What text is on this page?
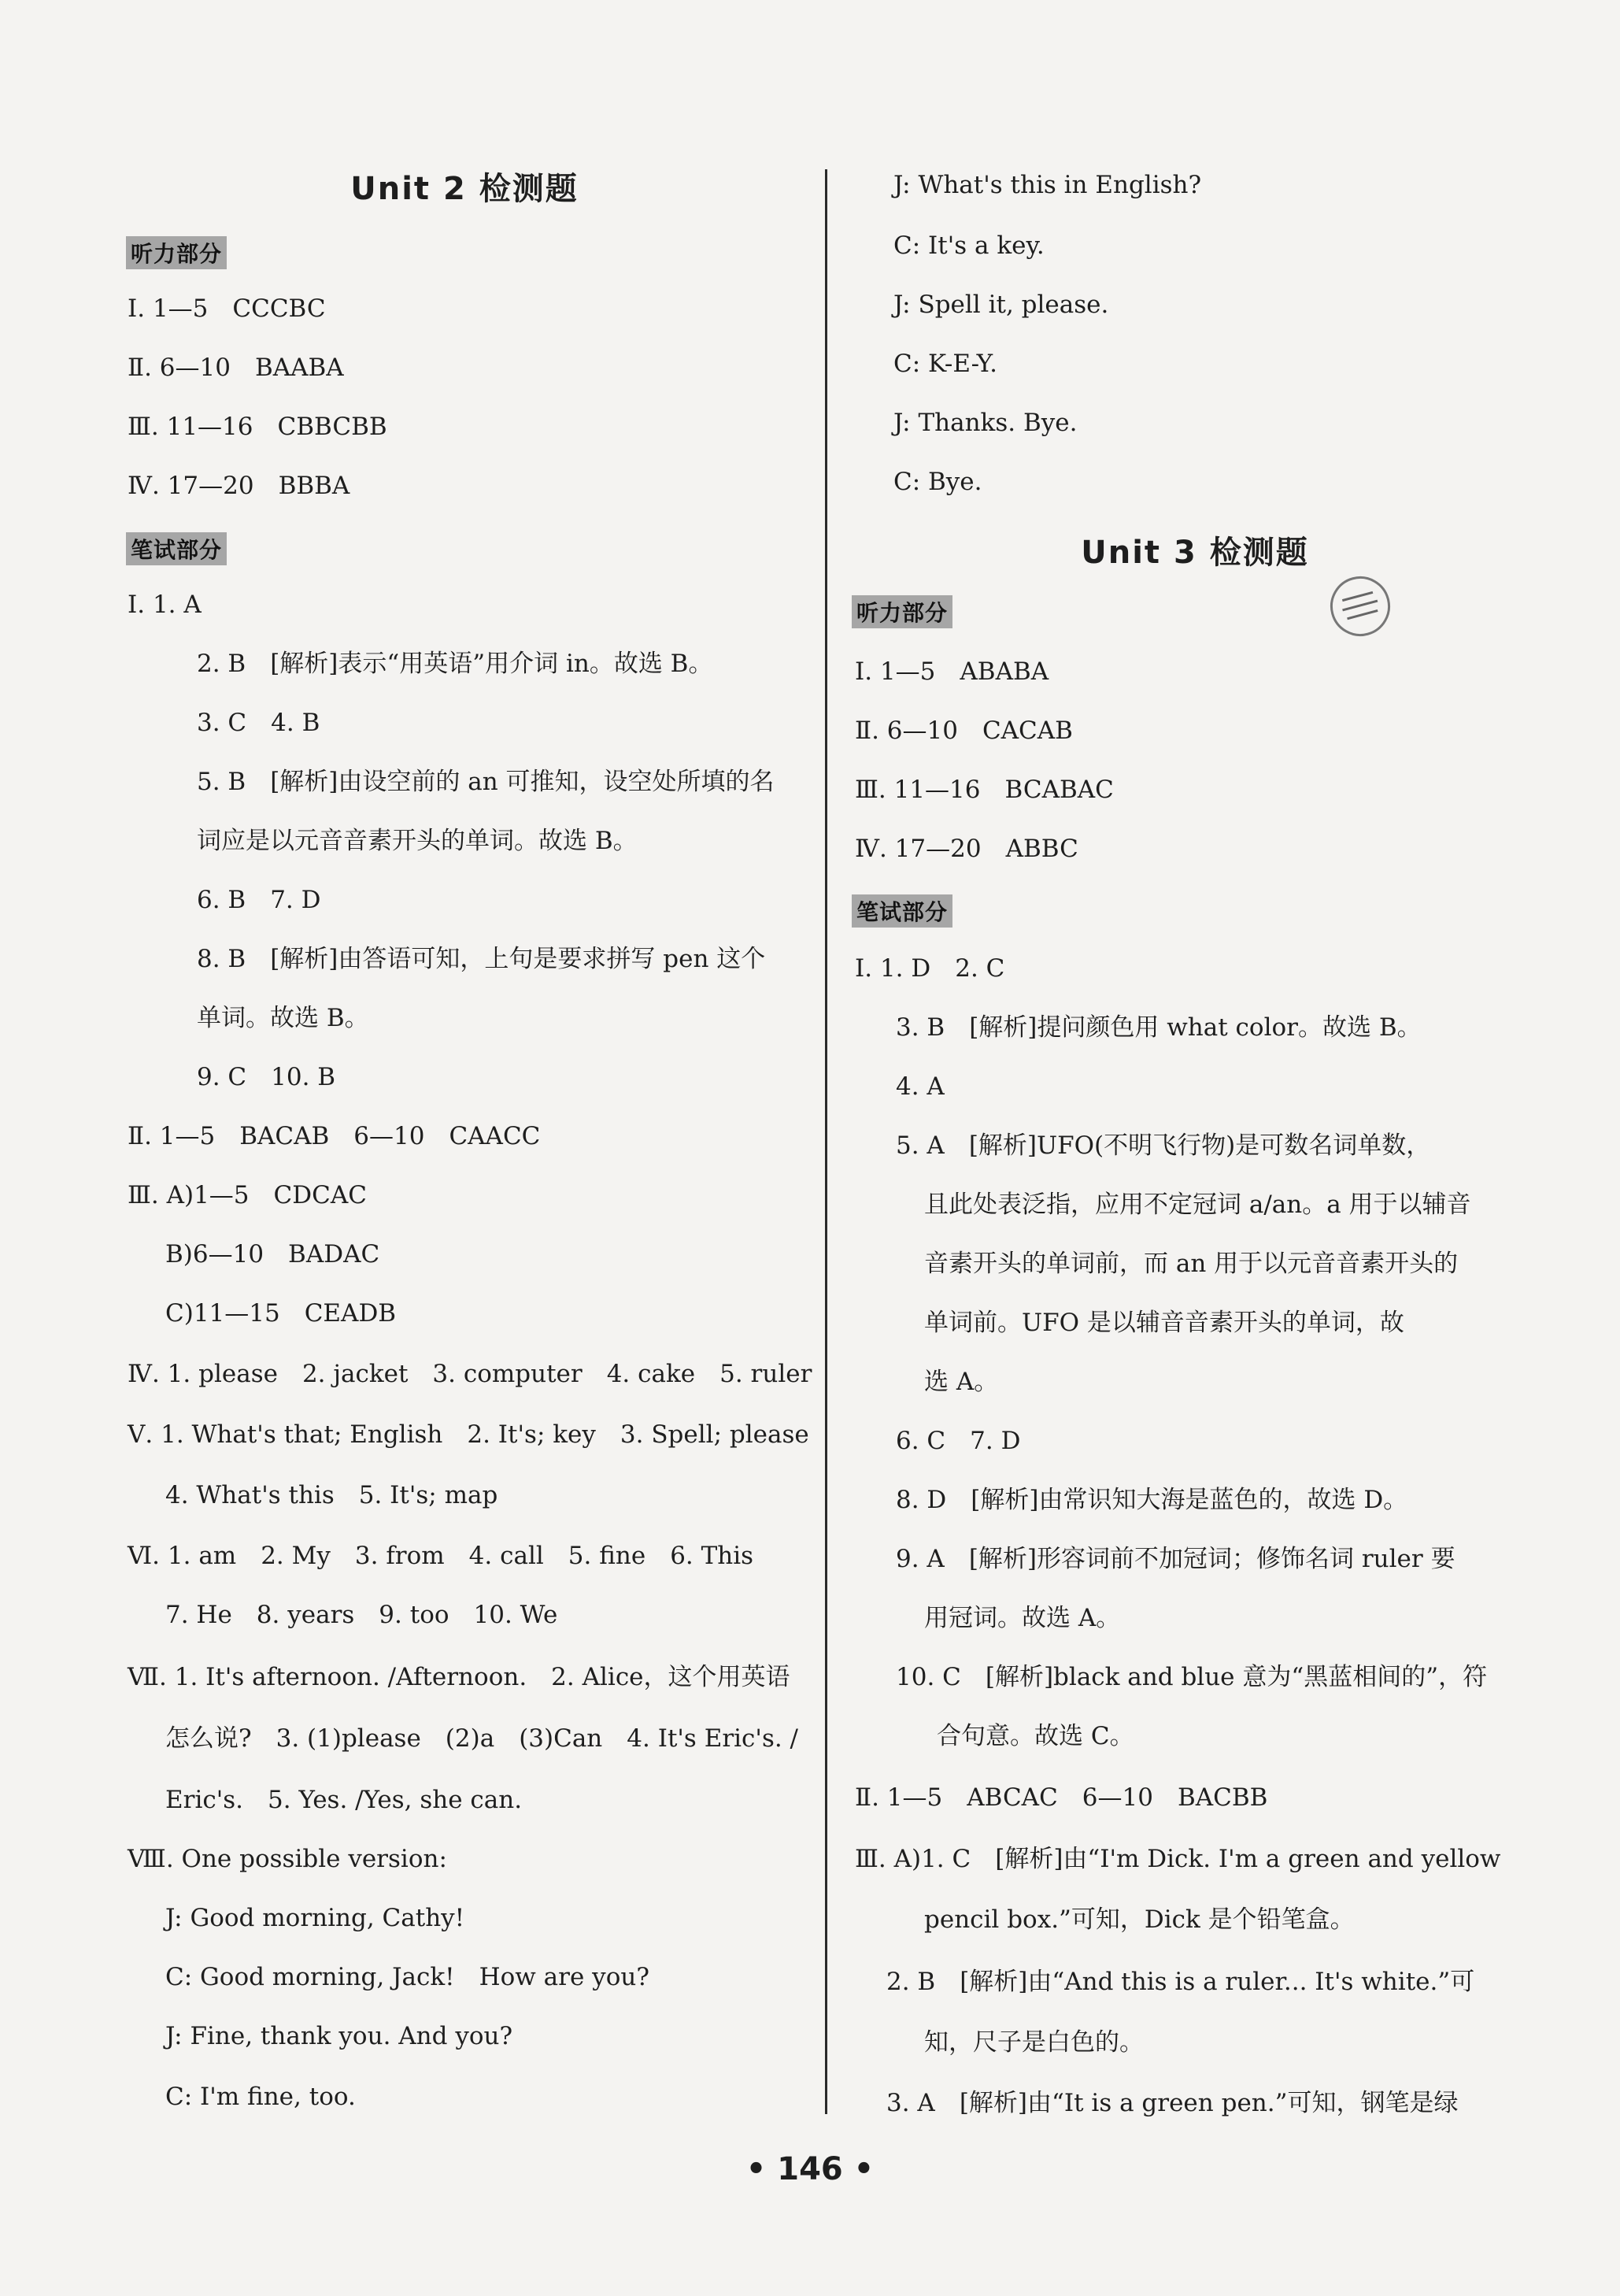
Unit 2 检测题
听力部分
Ⅰ. 1—5　CCCBC
Ⅱ. 6—10　BAABA
Ⅲ. 11—16　CBBCBB
Ⅳ. 17—20　BBBA
笔试部分
Ⅰ. 1. A
2. B　[解析]表示“用英语”用介词 in。故选 B。
3. C　4. B
5. B　[解析]由设空前的 an 可推知，设空处所填的名
词应是以元音音素开头的单词。故选 B。
6. B　7. D
8. B　[解析]由答语可知，上句是要求拼写 pen 这个
单词。故选 B。
9. C　10. B
Ⅱ. 1—5　BACAB　6—10　CAACC
Ⅲ. A)1—5　CDCAC
B)6—10　BADAC
C)11—15　CEADB
Ⅳ. 1. please　2. jacket　3. computer　4. cake　5. ruler
Ⅴ. 1. What's that; English　2. It's; key　3. Spell; please
4. What's this　5. It's; map
Ⅵ. 1. am　2. My　3. from　4. call　5. fine　6. This
7. He　8. years　9. too　10. We
Ⅶ. 1. It's afternoon. /Afternoon.　2. Alice，这个用英语
怎么说?　3. (1)please　(2)a　(3)Can　4. It's Eric's. /
Eric's.　5. Yes. /Yes, she can.
Ⅷ. One possible version:
J: Good morning, Cathy!
C: Good morning, Jack!　How are you?
J: Fine, thank you. And you?
C: I'm fine, too.
J: What's this in English?
C: It's a key.
J: Spell it, please.
C: K-E-Y.
J: Thanks. Bye.
C: Bye.
Unit 3 检测题
听力部分
Ⅰ. 1—5　ABABA
Ⅱ. 6—10　CACAB
Ⅲ. 11—16　BCABAC
Ⅳ. 17—20　ABBC
笔试部分
Ⅰ. 1. D　2. C
3. B　[解析]提问颜色用 what color。故选 B。
4. A
5. A　[解析]UFO(不明飞行物)是可数名词单数，
且此处表泛指，应用不定冠词 a/an。a 用于以辅音
音素开头的单词前，而 an 用于以元音音素开头的
单词前。UFO 是以辅音音素开头的单词，故
选 A。
6. C　7. D
8. D　[解析]由常识知大海是蓝色的，故选 D。
9. A　[解析]形容词前不加冠词；修饰名词 ruler 要
用冠词。故选 A。
10. C　[解析]black and blue 意为“黑蓝相间的”，符
合句意。故选 C。
Ⅱ. 1—5　ABCAC　6—10　BACBB
Ⅲ. A)1. C　[解析]由“I'm Dick. I'm a green and yellow
pencil box.”可知，Dick 是个铅笔盒。
2. B　[解析]由“And this is a ruler... It's white.”可
知，尺子是白色的。
3. A　[解析]由“It is a green pen.”可知，钢笔是绿
• 146 •
